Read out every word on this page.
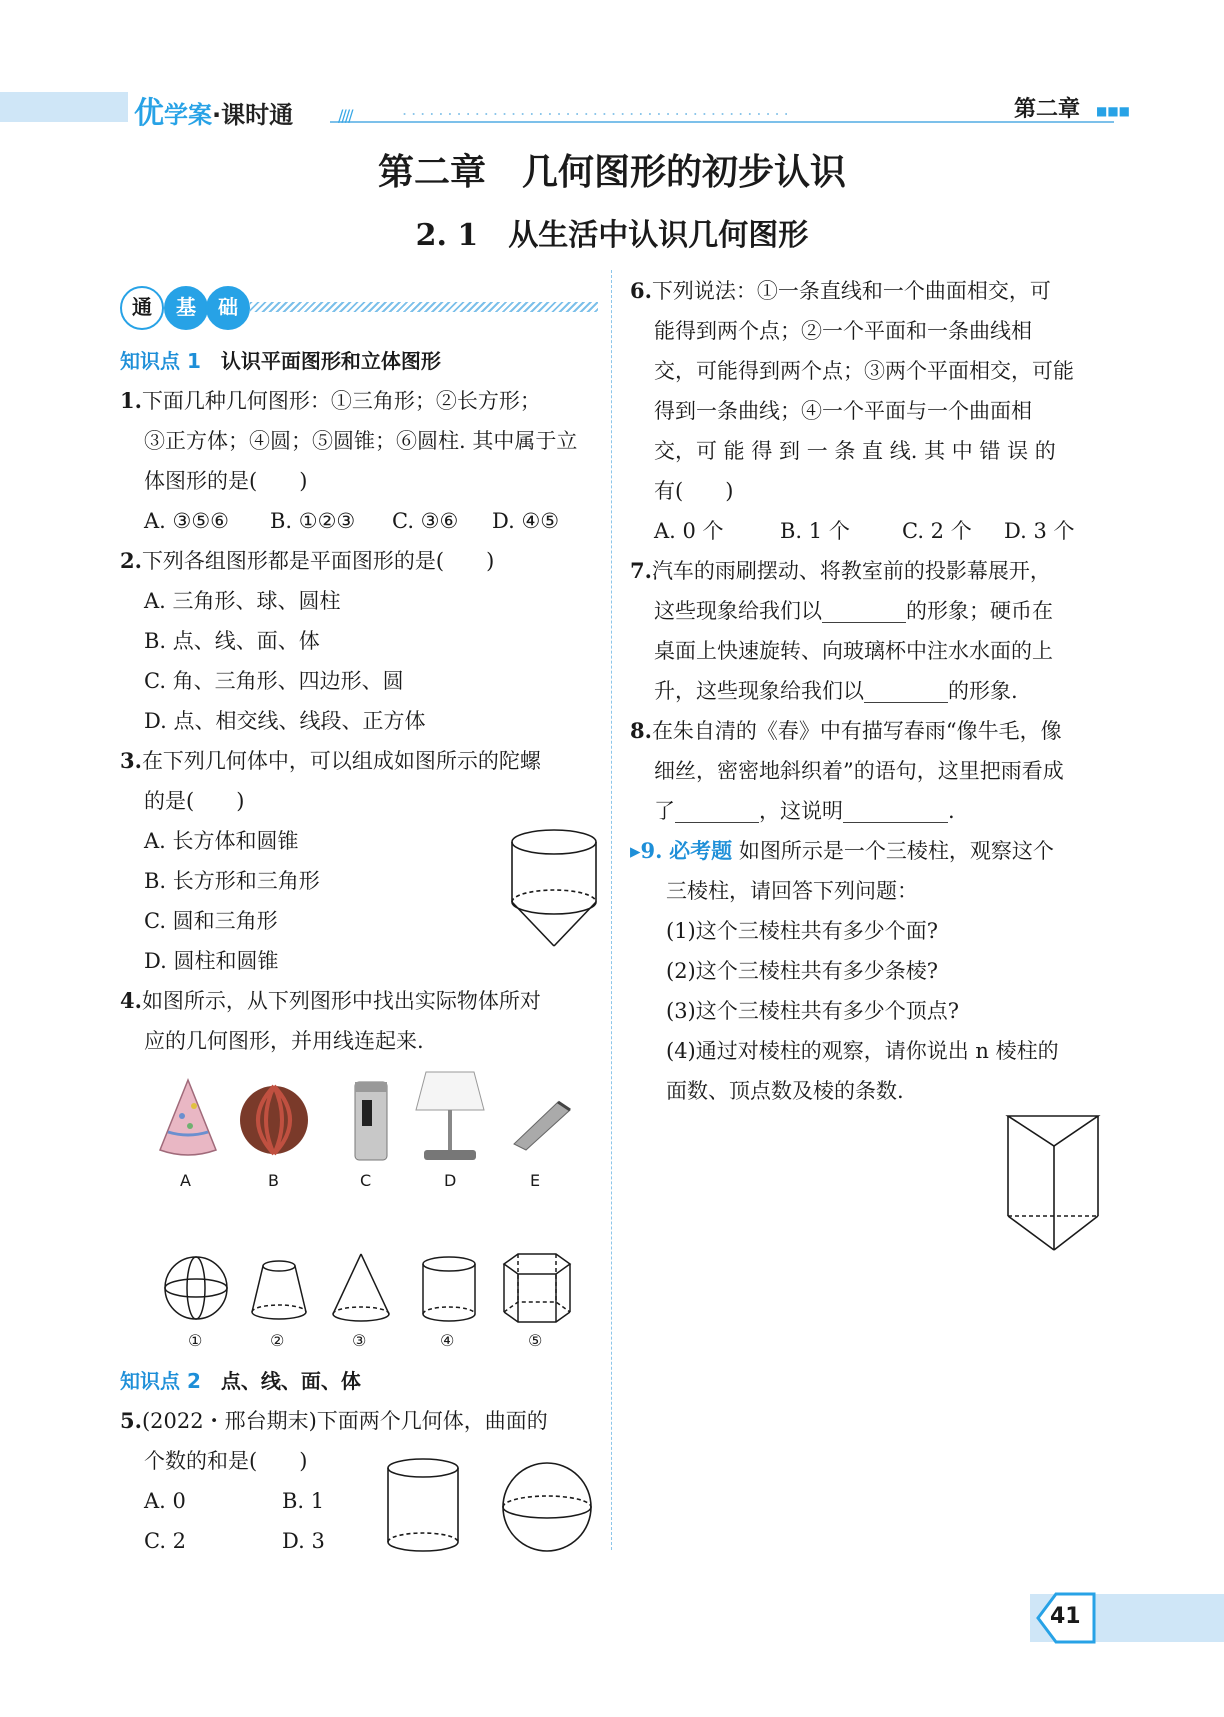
优学案·课时通	////	...........................................	第二章 ■■■
第二章　几何图形的初步认识
2. 1　从生活中认识几何图形
通	基	础
知识点 1　 认识平面图形和立体图形
1.下面几种几何图形：①三角形；②长方形；
③正方体；④圆；⑤圆锥；⑥圆柱. 其中属于立
体图形的是(　　)
A. ③⑤⑥ B. ①②③ C. ③⑥ D. ④⑤
2.下列各组图形都是平面图形的是(　　)
A. 三角形、球、圆柱
B. 点、线、面、体
C. 角、三角形、四边形、圆
D. 点、相交线、线段、正方体
3.在下列几何体中，可以组成如图所示的陀螺
的是(　　)
A. 长方体和圆锥
B. 长方形和三角形
C. 圆和三角形
D. 圆柱和圆锥
4.如图所示，从下列图形中找出实际物体所对
应的几何图形，并用线连起来.
A	B	C	D	E
①	②	③	④	⑤
知识点 2　 点、线、面、体
5.(2022・邢台期末)下面两个几何体，曲面的
个数的和是(　　)
A. 0	B. 1
C. 2	D. 3
6.下列说法：①一条直线和一个曲面相交，可
能得到两个点；②一个平面和一条曲线相
交，可能得到两个点；③两个平面相交，可能
得到一条曲线；④一个平面与一个曲面相
交，可 能 得 到 一 条 直 线. 其 中 错 误 的
有(　　)
A. 0 个	B. 1 个 C. 2 个 D. 3 个
7.汽车的雨刷摆动、将教室前的投影幕展开，
这些现象给我们以________的形象；硬币在
桌面上快速旋转、向玻璃杯中注水水面的上
升，这些现象给我们以________的形象.
8.在朱自清的《春》中有描写春雨“像牛毛，像
细丝，密密地斜织着”的语句，这里把雨看成
了________，这说明__________.
▸9. 必考题 如图所示是一个三棱柱，观察这个
三棱柱，请回答下列问题：
(1)这个三棱柱共有多少个面?
(2)这个三棱柱共有多少条棱?
(3)这个三棱柱共有多少个顶点?
(4)通过对棱柱的观察，请你说出 n 棱柱的
面数、顶点数及棱的条数.
41
